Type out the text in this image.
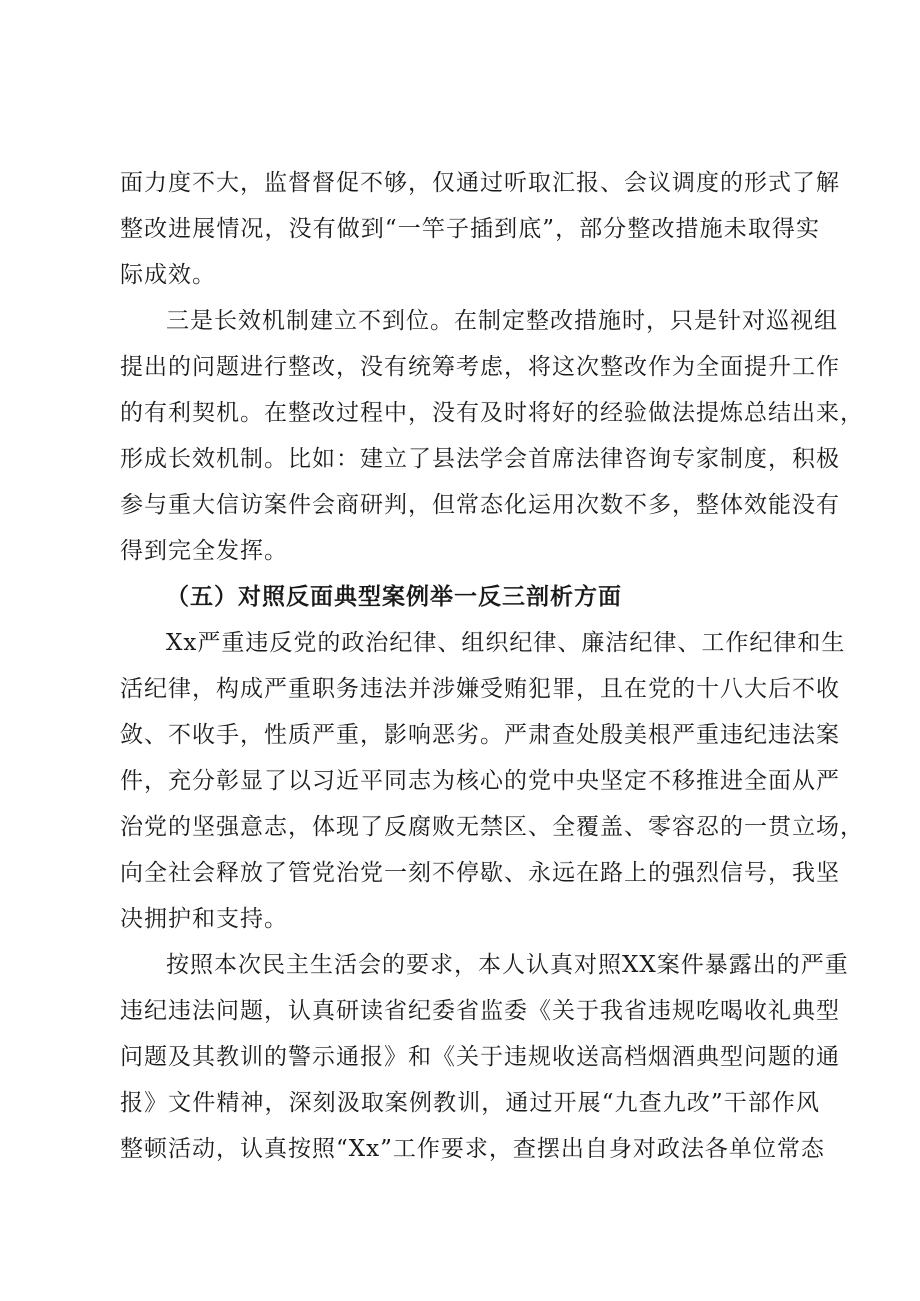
面力度不大，监督督促不够，仅通过听取汇报、会议调度的形式了解
整改进展情况，没有做到“一竿子插到底”，部分整改措施未取得实
际成效。
三是长效机制建立不到位。在制定整改措施时，只是针对巡视组
提出的问题进行整改，没有统筹考虑，将这次整改作为全面提升工作
的有利契机。在整改过程中，没有及时将好的经验做法提炼总结出来，
形成长效机制。比如：建立了县法学会首席法律咨询专家制度，积极
参与重大信访案件会商研判，但常态化运用次数不多，整体效能没有
得到完全发挥。
（五）对照反面典型案例举一反三剖析方面
Xx严重违反党的政治纪律、组织纪律、廉洁纪律、工作纪律和生
活纪律，构成严重职务违法并涉嫌受贿犯罪，且在党的十八大后不收
敛、不收手，性质严重，影响恶劣。严肃查处殷美根严重违纪违法案
件，充分彰显了以习近平同志为核心的党中央坚定不移推进全面从严
治党的坚强意志，体现了反腐败无禁区、全覆盖、零容忍的一贯立场，
向全社会释放了管党治党一刻不停歇、永远在路上的强烈信号，我坚
决拥护和支持。
按照本次民主生活会的要求，本人认真对照XX案件暴露出的严重
违纪违法问题，认真研读省纪委省监委《关于我省违规吃喝收礼典型
问题及其教训的警示通报》和《关于违规收送高档烟酒典型问题的通
报》文件精神，深刻汲取案例教训，通过开展“九查九改”干部作风
整顿活动，认真按照“Xx”工作要求，查摆出自身对政法各单位常态
